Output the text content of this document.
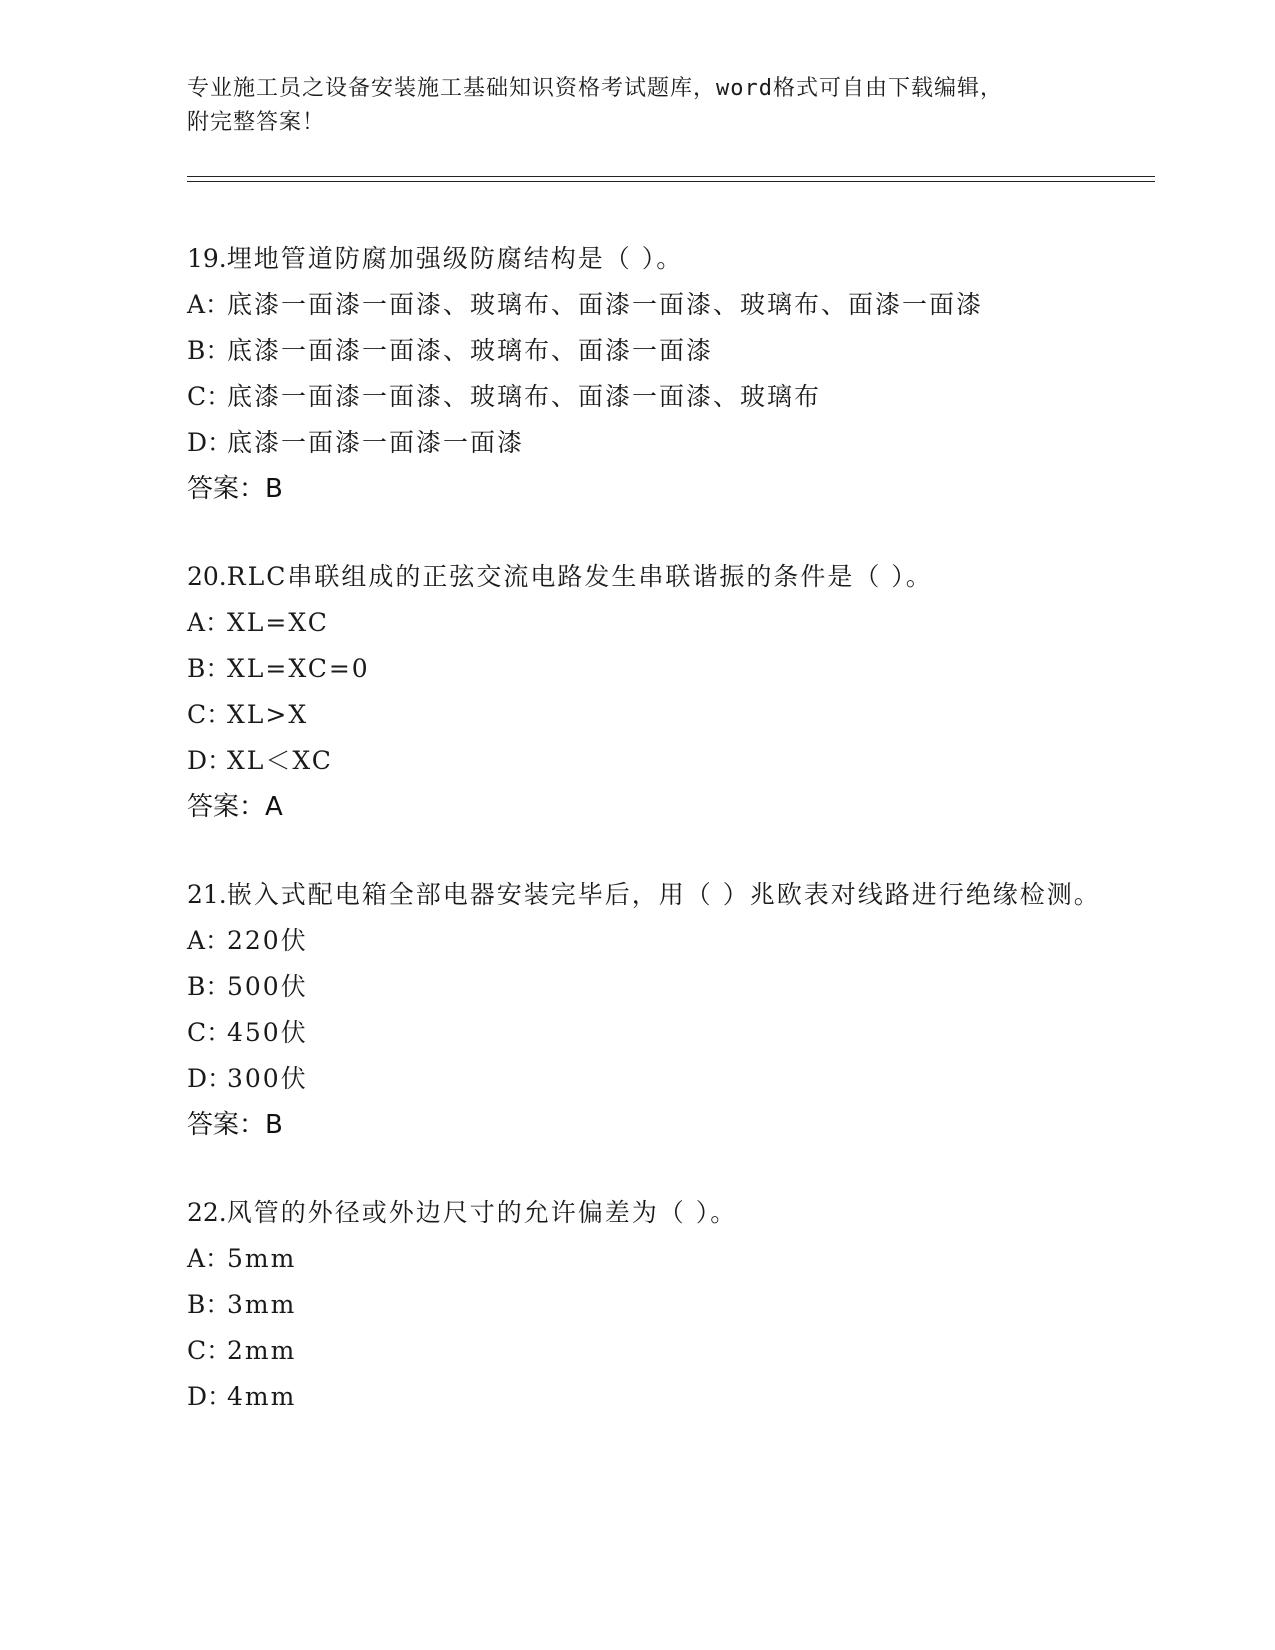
专业施工员之设备安装施工基础知识资格考试题库，word格式可自由下载编辑，
附完整答案！
19.埋地管道防腐加强级防腐结构是（ ）。
A：底漆一面漆一面漆、玻璃布、面漆一面漆、玻璃布、面漆一面漆
B：底漆一面漆一面漆、玻璃布、面漆一面漆
C：底漆一面漆一面漆、玻璃布、面漆一面漆、玻璃布
D：底漆一面漆一面漆一面漆
答案：B
20.RLC串联组成的正弦交流电路发生串联谐振的条件是（ ）。
A：XL=XC
B：XL=XC=0
C：XL>X
D：XL＜XC
答案：A
21.嵌入式配电箱全部电器安装完毕后，用（ ）兆欧表对线路进行绝缘检测。
A：220伏
B：500伏
C：450伏
D：300伏
答案：B
22.风管的外径或外边尺寸的允许偏差为（ ）。
A：5mm
B：3mm
C：2mm
D：4mm
